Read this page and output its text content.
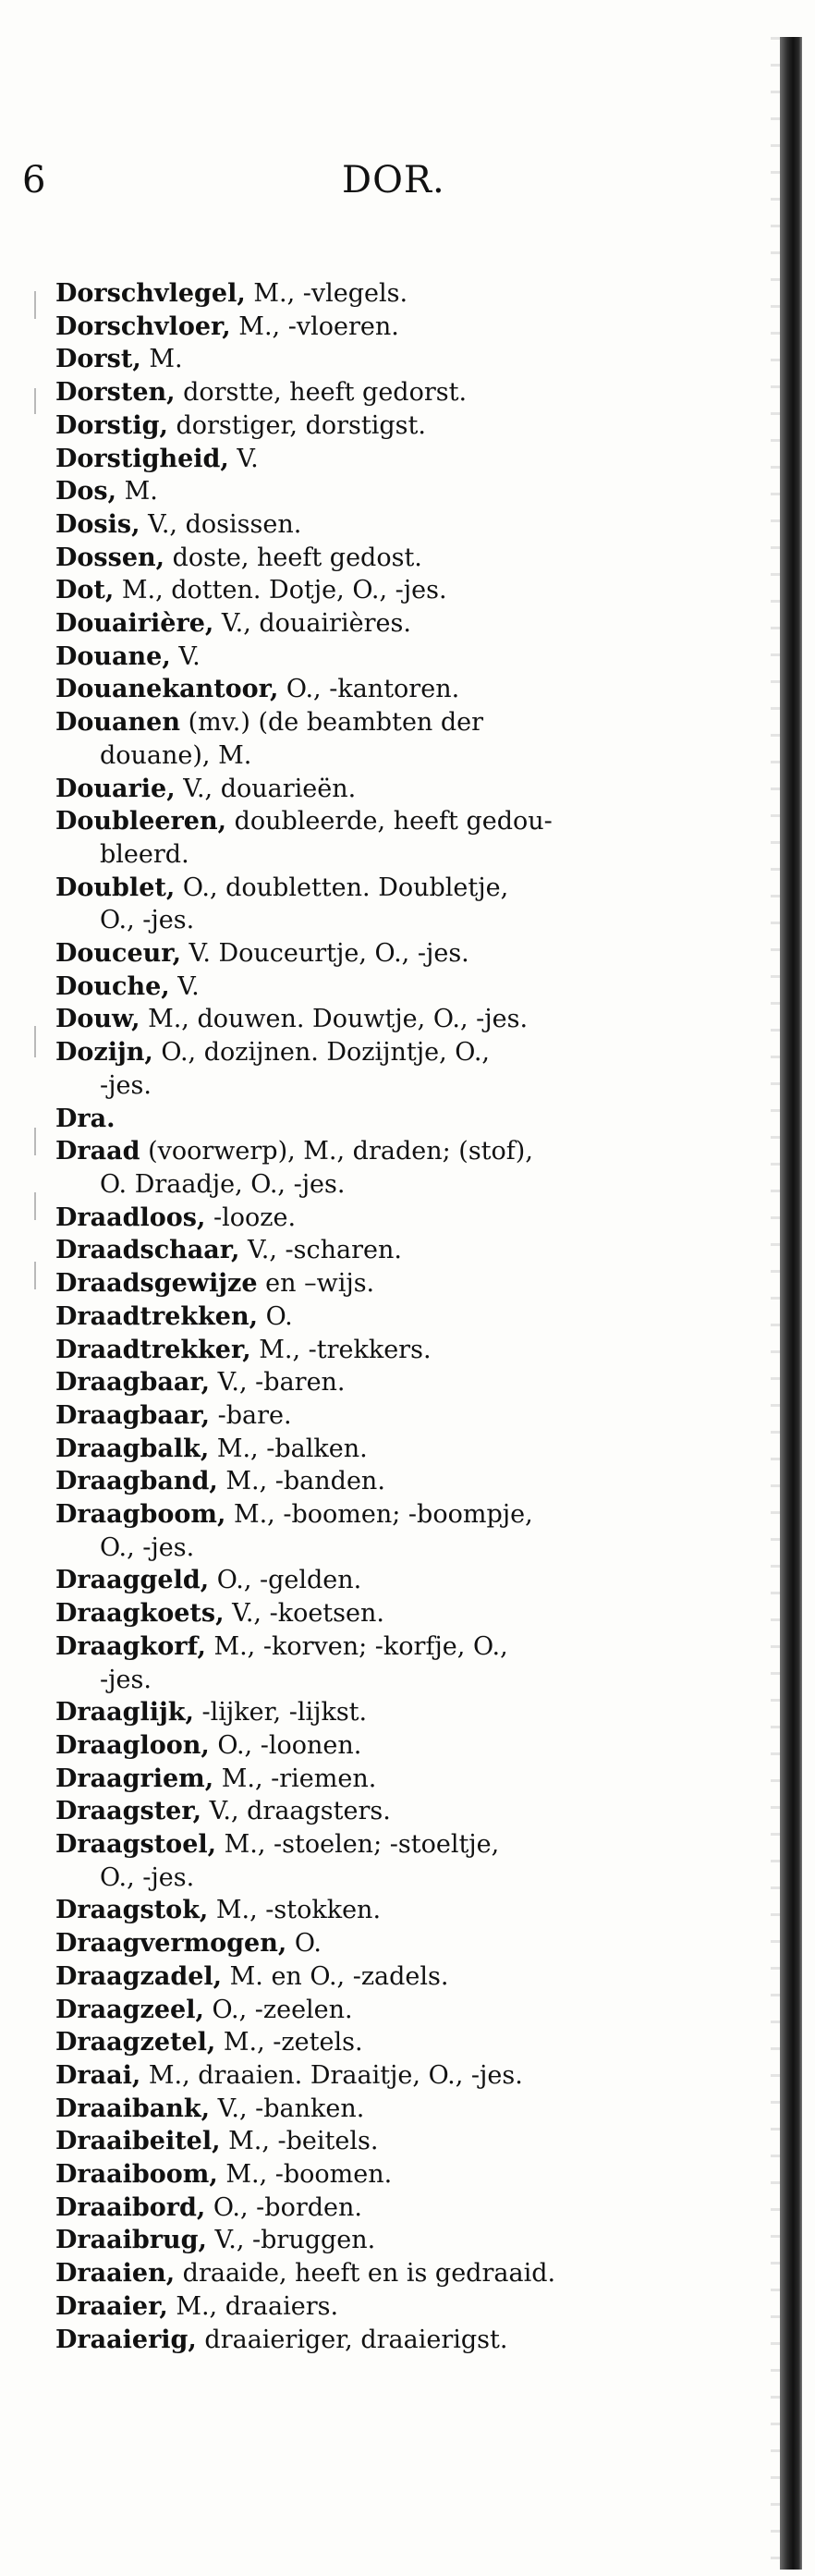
6	DOR.
Dorschvlegel, M., -vlegels.
Dorschvloer, M., -vloeren.
Dorst, M.
Dorsten, dorstte, heeft gedorst.
Dorstig, dorstiger, dorstigst.
Dorstigheid, V.
Dos, M.
Dosis, V., dosissen.
Dossen, doste, heeft gedost.
Dot, M., dotten. Dotje, O., -jes.
Douairière, V., douairières.
Douane, V.
Douanekantoor, O., -kantoren.
Douanen (mv.) (de beambten der
douane), M.
Douarie, V., douarieën.
Doubleeren, doubleerde, heeft gedou-
bleerd.
Doublet, O., doubletten. Doubletje,
O., -jes.
Douceur, V. Douceurtje, O., -jes.
Douche, V.
Douw, M., douwen. Douwtje, O., -jes.
Dozijn, O., dozijnen. Dozijntje, O.,
-jes.
Dra.
Draad (voorwerp), M., draden; (stof),
O. Draadje, O., -jes.
Draadloos, -looze.
Draadschaar, V., -scharen.
Draadsgewijze en –wijs.
Draadtrekken, O.
Draadtrekker, M., -trekkers.
Draagbaar, V., -baren.
Draagbaar, -bare.
Draagbalk, M., -balken.
Draagband, M., -banden.
Draagboom, M., -boomen; -boompje,
O., -jes.
Draaggeld, O., -gelden.
Draagkoets, V., -koetsen.
Draagkorf, M., -korven; -korfje, O.,
-jes.
Draaglijk, -lijker, -lijkst.
Draagloon, O., -loonen.
Draagriem, M., -riemen.
Draagster, V., draagsters.
Draagstoel, M., -stoelen; -stoeltje,
O., -jes.
Draagstok, M., -stokken.
Draagvermogen, O.
Draagzadel, M. en O., -zadels.
Draagzeel, O., -zeelen.
Draagzetel, M., -zetels.
Draai, M., draaien. Draaitje, O., -jes.
Draaibank, V., -banken.
Draaibeitel, M., -beitels.
Draaiboom, M., -boomen.
Draaibord, O., -borden.
Draaibrug, V., -bruggen.
Draaien, draaide, heeft en is gedraaid.
Draaier, M., draaiers.
Draaierig, draaieriger, draaierigst.
